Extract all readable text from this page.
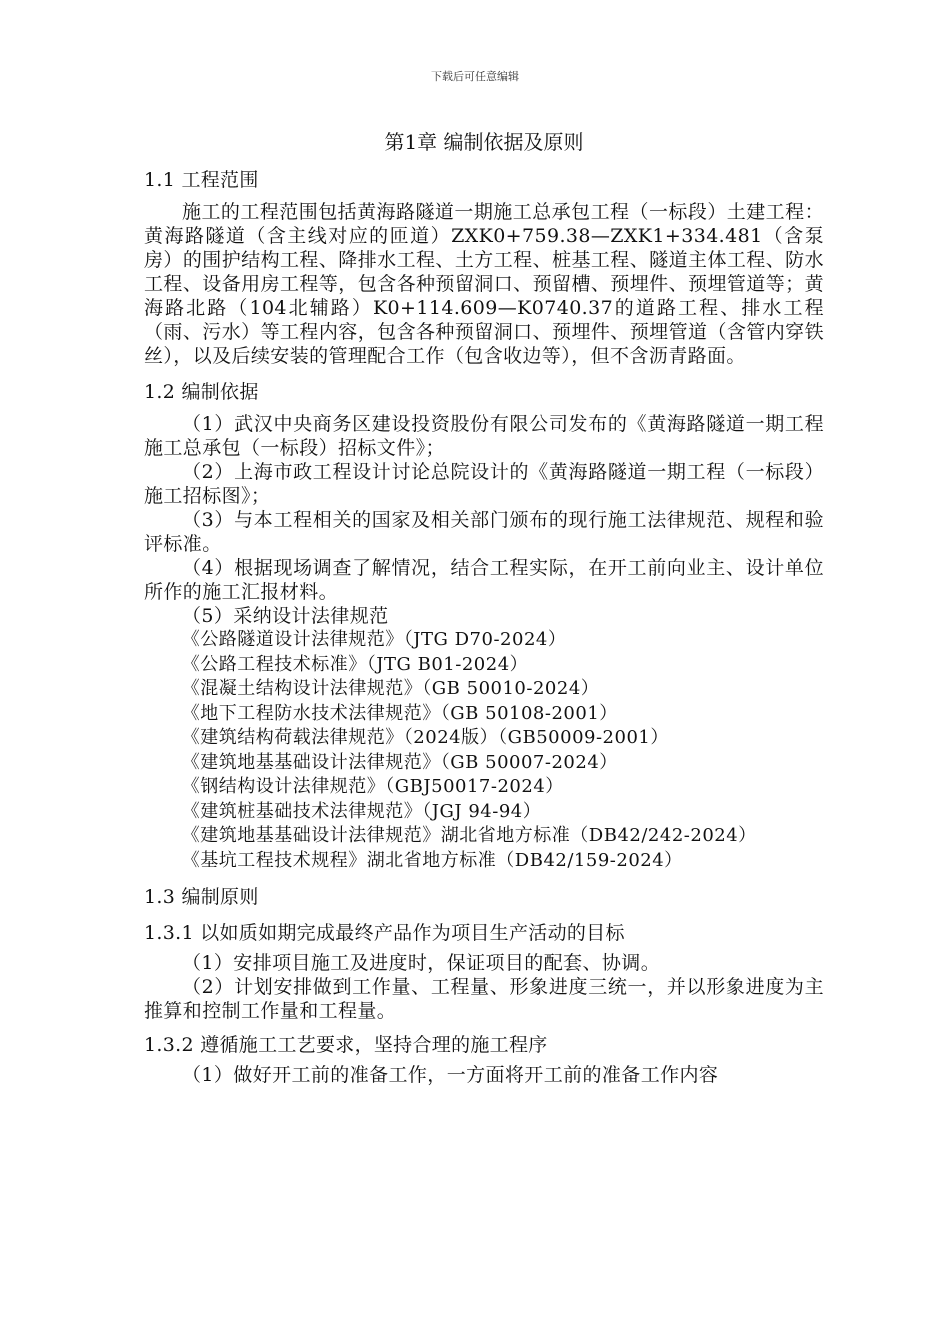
下载后可任意编辑
第1章 编制依据及原则
1.1 工程范围

施工的工程范围包括黄海路隧道一期施工总承包工程（一标段）土建工程：黄海路隧道（含主线对应的匝道）ZXK0+759.38—ZXK1+334.481（含泵房）的围护结构工程、降排水工程、土方工程、桩基工程、隧道主体工程、防水工程、设备用房工程等，包含各种预留洞口、预留槽、预埋件、预埋管道等；黄海路北路（104北辅路）K0+114.609—K0740.37的道路工程、排水工程（雨、污水）等工程内容，包含各种预留洞口、预埋件、预埋管道（含管内穿铁丝），以及后续安装的管理配合工作（包含收边等），但不含沥青路面。

1.2 编制依据

（1）武汉中央商务区建设投资股份有限公司发布的《黄海路隧道一期工程施工总承包（一标段）招标文件》；

（2）上海市政工程设计讨论总院设计的《黄海路隧道一期工程（一标段）施工招标图》；

（3）与本工程相关的国家及相关部门颁布的现行施工法律规范、规程和验评标准。

（4）根据现场调查了解情况，结合工程实际，在开工前向业主、设计单位所作的施工汇报材料。

（5）采纳设计法律规范

《公路隧道设计法律规范》（JTG D70-2024）

《公路工程技术标准》（JTG B01-2024）

《混凝土结构设计法律规范》（GB 50010-2024）

《地下工程防水技术法律规范》（GB 50108-2001）

《建筑结构荷载法律规范》（2024版）（GB50009-2001）

《建筑地基基础设计法律规范》（GB 50007-2024）

《钢结构设计法律规范》（GBJ50017-2024）

《建筑桩基础技术法律规范》（JGJ 94-94）

《建筑地基基础设计法律规范》湖北省地方标准（DB42/242-2024）

《基坑工程技术规程》湖北省地方标准（DB42/159-2024）

1.3 编制原则
1.3.1 以如质如期完成最终产品作为项目生产活动的目标

（1）安排项目施工及进度时，保证项目的配套、协调。

（2）计划安排做到工作量、工程量、形象进度三统一，并以形象进度为主推算和控制工作量和工程量。

1.3.2 遵循施工工艺要求，坚持合理的施工程序

（1）做好开工前的准备工作，一方面将开工前的准备工作内容
